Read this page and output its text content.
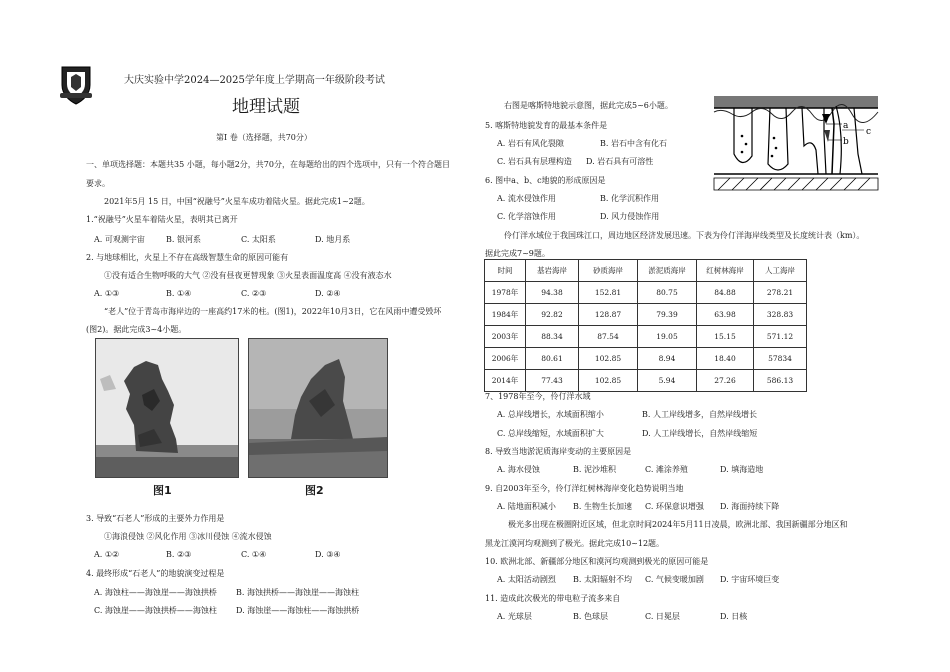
大庆实验中学2024—2025学年度上学期高一年级阶段考试
地理试题
第Ⅰ 卷（选择题，共70分）
一、单项选择题：本题共35 小题，每小题2分，共70分，在每题给出的四个选项中，只有一个符合题目
要求。
2021年5月 15 日，中国“祝融号”火星车成功着陆火星。据此完成1~2题。
1.“祝融号”火星车着陆火星，表明其已离开
A. 可观测宇宙	B. 银河系	C. 太阳系	D. 地月系
2. 与地球相比，火星上不存在高级智慧生命的原因可能有
①没有适合生物呼吸的大气 ②没有昼夜更替现象 ③火星表面温度高 ④没有液态水
A. ①③	B. ①④	C. ②③	D. ②④
“老人”位于青岛市海岸边的一座高约17米的柱。(图1)，2022年10月3日，它在风雨中遭受毁坏
(图2)。据此完成3~4小题。
图1	图2
3. 导致“石老人”形成的主要外力作用是
①海浪侵蚀 ②风化作用 ③冰川侵蚀 ④流水侵蚀
A. ①②	B. ②③	C. ①④	D. ③④
4. 最终形成“石老人”的地貌演变过程是
A. 海蚀柱——海蚀崖——海蚀拱桥 B. 海蚀拱桥——海蚀崖——海蚀柱
C. 海蚀崖——海蚀拱桥——海蚀柱 D. 海蚀崖——海蚀柱——海蚀拱桥
右图是喀斯特地貌示意图，据此完成5~6小题。
a
b
c
5. 喀斯特地貌发育的最基本条件是
A. 岩石有风化裂隙	B. 岩石中含有化石
C. 岩石具有层理构造 D. 岩石具有可溶性
6. 图中a、b、c地貌的形成原因是
A. 流水侵蚀作用	B. 化学沉积作用
C. 化学溶蚀作用	D. 风力侵蚀作用
伶仃洋水域位于我国珠江口，周边地区经济发展迅速。下表为伶仃洋海岸线类型及长度统计表（km）。
据此完成7~9题。
时间	基岩海岸	砂质海岸	淤泥质海岸	红树林海岸	人工海岸
1978年	94.38	152.81	80.75	84.88	278.21
1984年	92.82	128.87	79.39	63.98	328.83
2003年	88.34	87.54	19.05	15.15	571.12
2006年	80.61	102.85	8.94	18.40	57834
2014年	77.43	102.85	5.94	27.26	586.13
7、1978年至今，伶仃洋水域
A. 总岸线增长，水域面积缩小	B. 人工岸线增多，自然岸线增长
C. 总岸线缩短，水域面积扩大	D. 人工岸线增长，自然岸线缩短
8. 导致当地淤泥质海岸变动的主要原因是
A. 海水侵蚀	B. 泥沙堆积	C. 滩涂养殖	D. 填海造地
9. 自2003年至今，伶仃洋红树林海岸变化趋势说明当地
A. 陆地面积减小 B. 生物生长加速 C. 环保意识增强 D. 海面持续下降
极光多出现在极圈附近区域，但北京时间2024年5月11日凌晨，欧洲北部、我国新疆部分地区和
黑龙江漠河均观测到了极光。据此完成10~12题。
10. 欧洲北部、新疆部分地区和漠河均观测到极光的原因可能是
A. 太阳活动剧烈 B. 太阳辐射不均 C. 气候变暖加剧 D. 宇宙环境巨变
11. 造成此次极光的带电粒子流多来自
A. 光球层	B. 色球层	C. 日冕层	D. 日核
